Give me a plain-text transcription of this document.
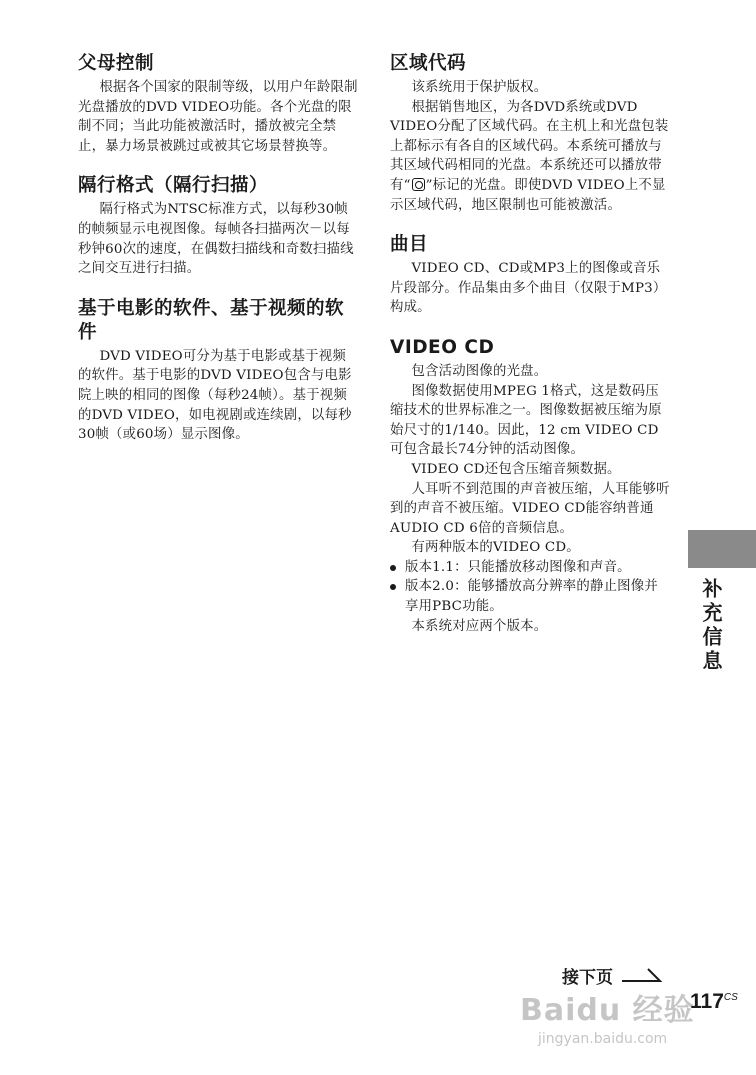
父母控制

根据各个国家的限制等级，以用户年龄限制光盘播放的DVD VIDEO功能。各个光盘的限制不同；当此功能被激活时，播放被完全禁止，暴力场景被跳过或被其它场景替换等。

隔行格式（隔行扫描）

隔行格式为NTSC标准方式，以每秒30帧的帧频显示电视图像。每帧各扫描两次－以每秒钟60次的速度，在偶数扫描线和奇数扫描线之间交互进行扫描。

基于电影的软件、基于视频的软件

DVD VIDEO可分为基于电影或基于视频的软件。基于电影的DVD VIDEO包含与电影院上映的相同的图像（每秒24帧）。基于视频的DVD VIDEO，如电视剧或连续剧，以每秒30帧（或60场）显示图像。

区域代码

该系统用于保护版权。

根据销售地区，为各DVD系统或DVD VIDEO分配了区域代码。在主机上和光盘包装上都标示有各自的区域代码。本系统可播放与其区域代码相同的光盘。本系统还可以播放带有“ ”标记的光盘。即使DVD VIDEO上不显示区域代码，地区限制也可能被激活。

曲目

VIDEO CD、CD或MP3上的图像或音乐片段部分。作品集由多个曲目（仅限于MP3）构成。

VIDEO CD

包含活动图像的光盘。

图像数据使用MPEG 1格式，这是数码压缩技术的世界标准之一。图像数据被压缩为原始尺寸的1/140。因此，12 cm VIDEO CD可包含最长74分钟的活动图像。

VIDEO CD还包含压缩音频数据。

人耳听不到范围的声音被压缩，人耳能够听到的声音不被压缩。VIDEO CD能容纳普通AUDIO CD 6倍的音频信息。

有两种版本的VIDEO CD。

版本1.1：只能播放移动图像和声音。
版本2.0：能够播放高分辨率的静止图像并享用PBC功能。

本系统对应两个版本。	补充信息
Baidu 经验
jingyan.baidu.com
接下页
$117^{CS}$
